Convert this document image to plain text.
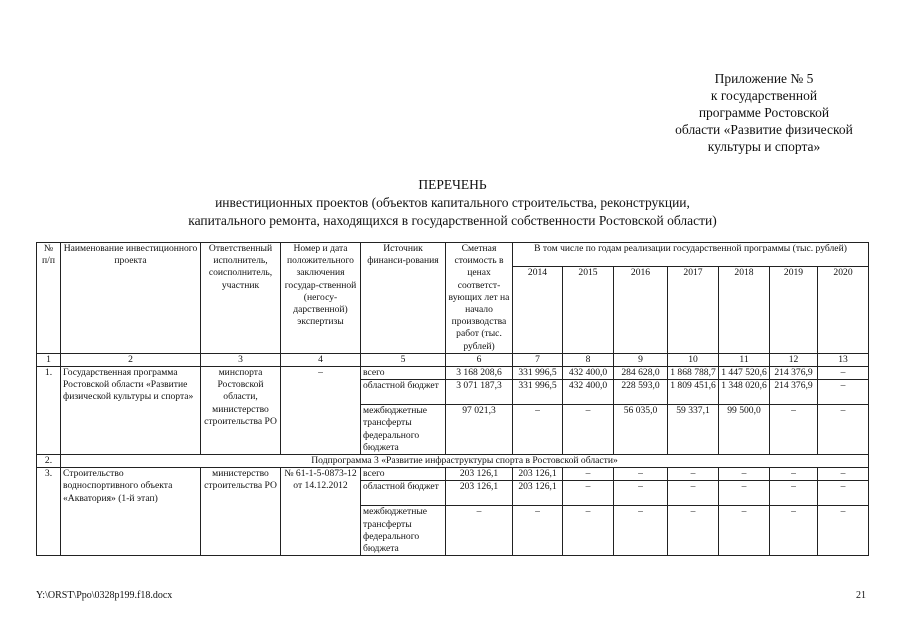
Приложение № 5
к государственной
программе Ростовской
области «Развитие физической
культуры и спорта»
ПЕРЕЧЕНЬ
инвестиционных проектов (объектов капитального строительства, реконструкции,
капитального ремонта, находящихся в государственной собственности Ростовской области)
№ п/п	Наименование инвестиционного проекта	Ответственный исполнитель, соисполнитель, участник	Номер и дата положительного заключения государ-ственной (негосу-дарственной) экспертизы	Источник финанси-рования	Сметная стоимость в ценах соответст-вующих лет на начало производства работ (тыс. рублей)	В том числе по годам реализации государственной программы (тыс. рублей)						
						2014	2015	2016	2017	2018	2019	2020
1	2	3	4	5	6	7	8	9	10	11	12	13
1.	Государственная программа Ростовской области «Развитие физической культуры и спорта»	минспорта Ростовской области, министерство строительства РО	–	всего	3 168 208,6	331 996,5	432 400,0	284 628,0	1 868 788,7	1 447 520,6	214 376,9	–
				областной бюджет	3 071 187,3	331 996,5	432 400,0	228 593,0	1 809 451,6	1 348 020,6	214 376,9	–
				межбюджетные трансферты федерального бюджета	97 021,3	–	–	56 035,0	59 337,1	99 500,0	–	–
2.	Подпрограмма 3 «Развитие инфраструктуры спорта в Ростовской области»											
3.	Строительство водноспортивного объекта «Акватория» (1-й этап)	министерство строительства РО	№ 61-1-5-0873-12 от 14.12.2012	всего	203 126,1	203 126,1	–	–	–	–	–	–
				областной бюджет	203 126,1	203 126,1	–	–	–	–	–	–
				межбюджетные трансферты федерального бюджета	–	–	–	–	–	–	–	–
Y:\ORST\Ppo\0328p199.f18.docx	21
